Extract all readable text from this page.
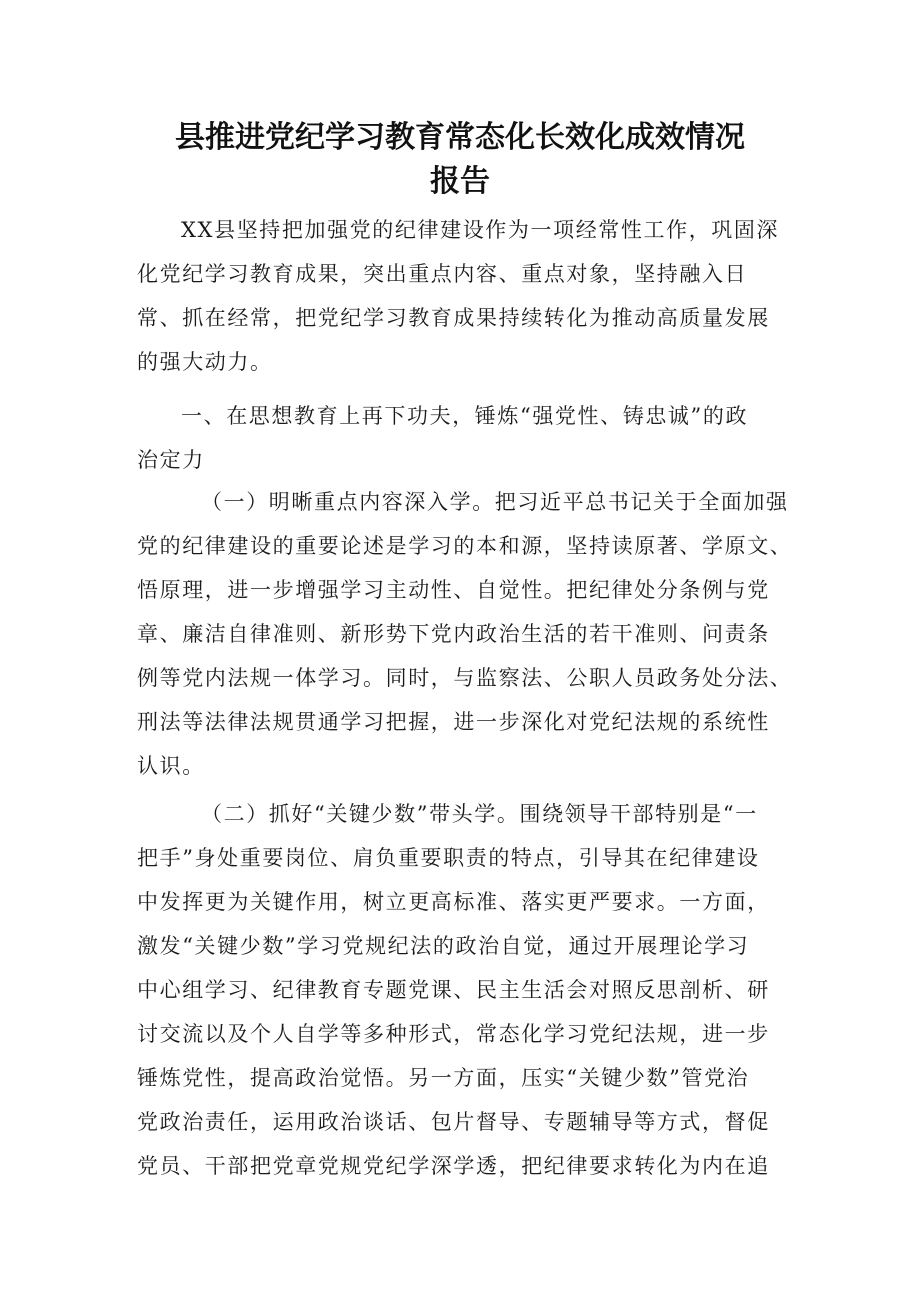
县推进党纪学习教育常态化长效化成效情况
报告
XX县坚持把加强党的纪律建设作为一项经常性工作，巩固深
化党纪学习教育成果，突出重点内容、重点对象，坚持融入日
常、抓在经常，把党纪学习教育成果持续转化为推动高质量发展
的强大动力。
一、在思想教育上再下功夫，锤炼“强党性、铸忠诚”的政
治定力
（一）明晰重点内容深入学。把习近平总书记关于全面加强
党的纪律建设的重要论述是学习的本和源，坚持读原著、学原文、
悟原理，进一步增强学习主动性、自觉性。把纪律处分条例与党
章、廉洁自律准则、新形势下党内政治生活的若干准则、问责条
例等党内法规一体学习。同时，与监察法、公职人员政务处分法、
刑法等法律法规贯通学习把握，进一步深化对党纪法规的系统性
认识。
（二）抓好“关键少数”带头学。围绕领导干部特别是“一
把手”身处重要岗位、肩负重要职责的特点，引导其在纪律建设
中发挥更为关键作用，树立更高标准、落实更严要求。一方面，
激发“关键少数”学习党规纪法的政治自觉，通过开展理论学习
中心组学习、纪律教育专题党课、民主生活会对照反思剖析、研
讨交流以及个人自学等多种形式，常态化学习党纪法规，进一步
锤炼党性，提高政治觉悟。另一方面，压实“关键少数”管党治
党政治责任，运用政治谈话、包片督导、专题辅导等方式，督促
党员、干部把党章党规党纪学深学透，把纪律要求转化为内在追
